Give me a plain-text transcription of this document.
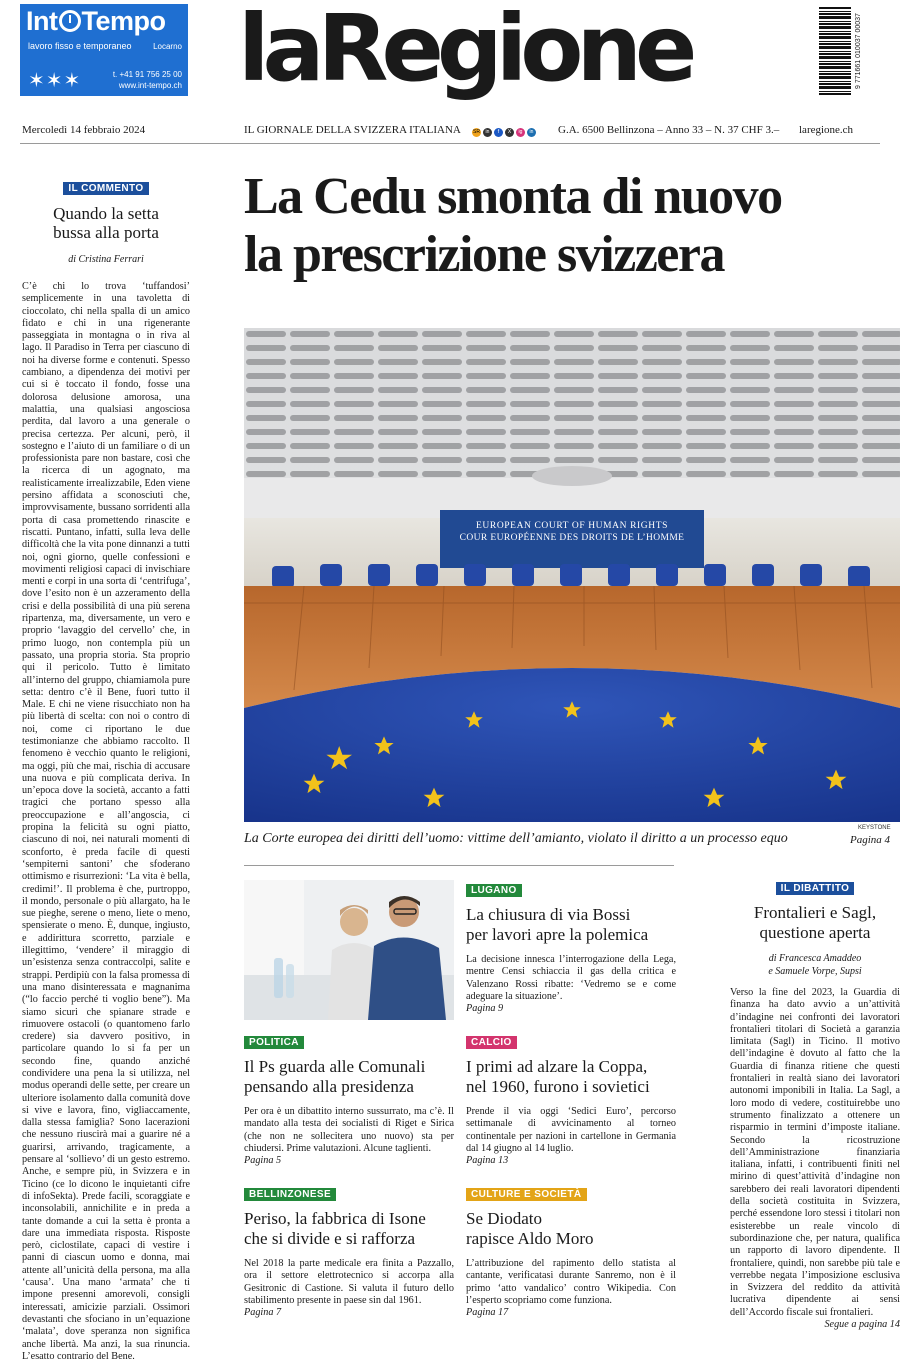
Int Tempo
lavoro fisso e temporaneo	Locarno
✶✶✶	t. +41 91 756 25 00
www.int-tempo.ch laRegione	9 771661 010037 00037
Mercoledì 14 febbraio 2024	IL GIORNALE DELLA SVIZZERA ITALIANA SR	in	f	X	ig	in G.A. 6500 Bellinzona – Anno 33 – N. 37 CHF 3.– laregione.ch
IL COMMENTO
Quando la setta
bussa alla porta
di Cristina Ferrari
C’è chi lo trova ‘tuffandosi’ semplicemente in una tavoletta di cioccolato, chi nella spalla di un amico fidato e chi in una rigenerante passeggiata in montagna o in riva al lago. Il Paradiso in Terra per ciascuno di noi ha diverse forme e contenuti. Spesso cambiano, a dipendenza dei motivi per cui si è toccato il fondo, fosse una dolorosa delusione amorosa, una malattia, una qualsiasi angosciosa perdita, dal lavoro a una generale o precisa certezza. Per alcuni, però, il sostegno e l’aiuto di un familiare o di un professionista pare non bastare, così che la ricerca di un agognato, ma realisticamente irrealizzabile, Eden viene persino affidata a sconosciuti che, improvvisamente, bussano sorridenti alla porta di casa promettendo rinascite e riscatti. Puntano, infatti, sulla leva delle difficoltà che la vita pone dinnanzi a tutti noi, ogni giorno, quelle confessioni e movimenti religiosi capaci di invischiare menti e corpi in una sorta di ‘centrifuga’, dove l’esito non è un azzeramento della crisi e della possibilità di una più serena ripartenza, ma, diversamente, un vero e proprio ‘lavaggio del cervello’ che, in primo luogo, non contempla più un passato, una propria storia. Sta proprio qui il pericolo. Tutto è limitato all’interno del gruppo, chiamiamola pure setta: dentro c’è il Bene, fuori tutto il Male. E chi ne viene risucchiato non ha più libertà di scelta: con noi o contro di noi, come ci riportano le due testimonianze che abbiamo raccolto. Il fenomeno è vecchio quanto le religioni, ma oggi, più che mai, rischia di accusare una nuova e più complicata deriva. In un’epoca dove la società, accanto a fatti tragici che portano spesso alla preoccupazione e all’angoscia, ci propina la felicità su ogni piatto, ciascuno di noi, nei naturali momenti di sconforto, è preda facile di questi ‘sempiterni santoni’ che sfoderano ottimismo e risurrezioni: ‘La vita è bella, credimi!’. Il problema è che, purtroppo, il mondo, personale o più allargato, ha le sue pieghe, serene o meno, liete o meno, spensierate o meno. È, dunque, ingiusto, e addirittura scorretto, parziale e illegittimo, ‘vendere’ il miraggio di un’esistenza senza contraccolpi, salite e strappi. Perdipiù con la falsa promessa di una mano disinteressata e magnanima (“lo faccio perché ti voglio bene”). Ma siamo sicuri che spianare strade e rimuovere ostacoli (o quantomeno farlo credere) sia davvero positivo, in particolare quando lo si fa per un secondo fine, quando anziché condividere una pena la si utilizza, nel modus operandi delle sette, per creare un ulteriore isolamento dalla comunità dove si vive e lavora, fino, vigliaccamente, dalla stessa famiglia? Sono lacerazioni che nessuno riuscirà mai a guarire né a guarirsi, arrivando, tragicamente, a pensare al ‘sollievo’ di un gesto estremo. Anche, e sempre più, in Svizzera e in Ticino (ce lo dicono le inquietanti cifre di infoSekta). Prede facili, scoraggiate e inconsolabili, annichilite e in preda a tante domande a cui la setta è pronta a dare una immediata risposta. Risposte però, ciclostilate, capaci di vestire i panni di ciascun uomo e donna, mai attente all’unicità della persona, ma alla ‘causa’. Una mano ‘armata’ che ti impone presenni amorevoli, consigli interessati, amicizie parziali. Ossimori devastanti che sfociano in un’equazione ‘malata’, dove speranza non significa anche libertà. Ma anzi, la sua rinuncia. L’esatto contrario del Bene.
La Cedu smonta di nuovo
la prescrizione svizzera
EUROPEAN COURT OF HUMAN RIGHTS
COUR EUROPÉENNE DES DROITS DE L’HOMME
KEYSTONE
La Corte europea dei diritti dell’uomo: vittime dell’amianto, violato il diritto a un processo equo	Pagina 4
POLITICA
Il Ps guarda alle Comunali
pensando alla presidenza
Per ora è un dibattito interno sussurrato, ma c’è. Il mandato alla testa dei socialisti di Riget e Sirica (che non ne sollecitera uno nuovo) sta per chiudersi. Prime valutazioni. Alcune taglienti.
Pagina 5
BELLINZONESE
Periso, la fabbrica di Isone
che si divide e si rafforza
Nel 2018 la parte medicale era finita a Pazzallo, ora il settore elettrotecnico si accorpa alla Gesitronic di Castione. Si valuta il futuro dello stabilimento presente in paese sin dal 1961.
Pagina 7
LUGANO
La chiusura di via Bossi
per lavori apre la polemica
La decisione innesca l’interrogazione della Lega, mentre Censi schiaccia il gas della critica e Valenzano Rossi ribatte: ‘Vedremo se e come adeguare la situazione’.
Pagina 9
CALCIO
I primi ad alzare la Coppa,
nel 1960, furono i sovietici
Prende il via oggi ‘Sedici Euro’, percorso settimanale di avvicinamento al torneo continentale per nazioni in cartellone in Germania dal 14 giugno al 14 luglio.
Pagina 13
CULTURE E SOCIETÀ
Se Diodato
rapisce Aldo Moro
L’attribuzione del rapimento dello statista al cantante, verificatasi durante Sanremo, non è il primo ‘atto vandalico’ contro Wikipedia. Con l’esperto scopriamo come funziona.
Pagina 17
IL DIBATTITO
Frontalieri e Sagl,
questione aperta
di Francesca Amaddeo
e Samuele Vorpe, Supsi
Verso la fine del 2023, la Guardia di finanza ha dato avvio a un’attività d’indagine nei confronti dei lavoratori frontalieri titolari di Società a garanzia limitata (Sagl) in Ticino. Il motivo dell’indagine è dovuto al fatto che la Guardia di finanza ritiene che questi frontalieri in realtà siano dei lavoratori autonomi imponibili in Italia. La Sagl, a loro modo di vedere, costituirebbe uno strumento finalizzato a ottenere un risparmio in termini d’imposte italiane. Secondo la ricostruzione dell’Amministrazione finanziaria italiana, infatti, i contribuenti finiti nel mirino di quest’attività d’indagine non sarebbero dei reali lavoratori dipendenti della società costituita in Svizzera, perché essendone loro stessi i titolari non esisterebbe un reale vincolo di subordinazione che, per natura, qualifica un rapporto di lavoro dipendente. Il frontaliere, quindi, non sarebbe più tale e verrebbe negata l’imposizione esclusiva in Svizzera del reddito da attività lucrativa dipendente ai sensi dell’Accordo fiscale sui frontalieri.
Segue a pagina 14
